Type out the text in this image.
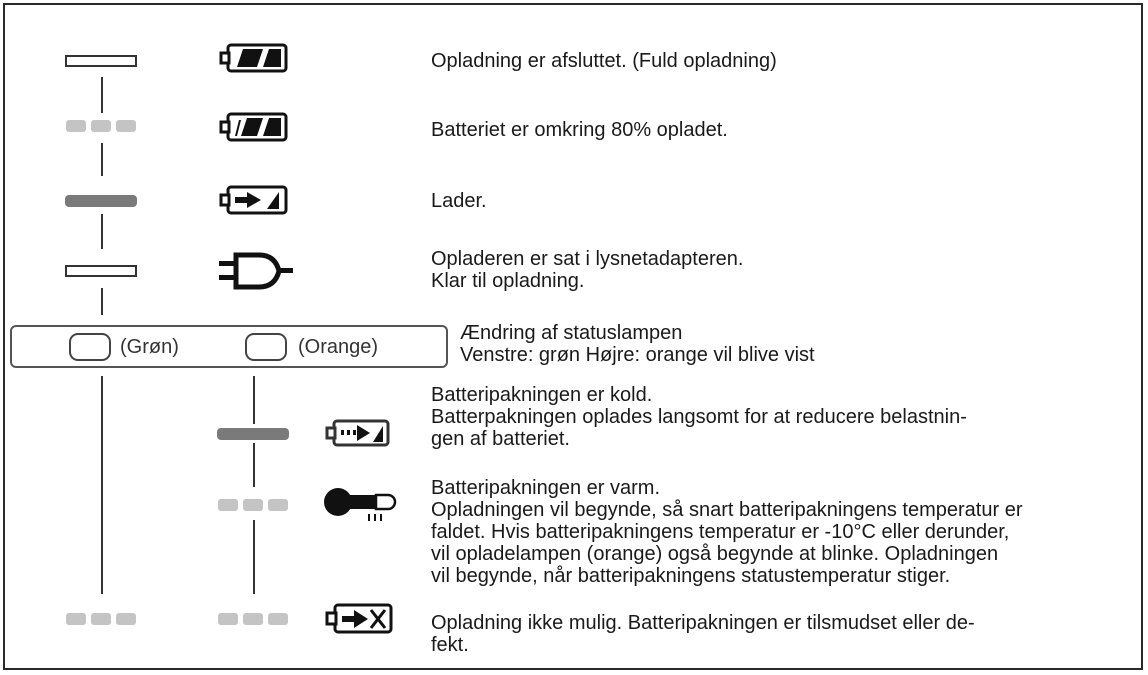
Opladning er afsluttet. (Fuld opladning)
Batteriet er omkring 80% opladet.
Lader.
Opladeren er sat i lysnetadapteren.
Klar til opladning.
(Grøn)	(Orange)
Ændring af statuslampen
Venstre: grøn Højre: orange vil blive vist
Batteripakningen er kold.
Batterpakningen oplades langsomt for at reducere belastnin-
gen af batteriet.
Batteripakningen er varm.
Opladningen vil begynde, så snart batteripakningens temperatur er
faldet. Hvis batteripakningens temperatur er -10°C eller derunder,
vil opladelampen (orange) også begynde at blinke. Opladningen
vil begynde, når batteripakningens statustemperatur stiger.
Opladning ikke mulig. Batteripakningen er tilsmudset eller de-
fekt.
